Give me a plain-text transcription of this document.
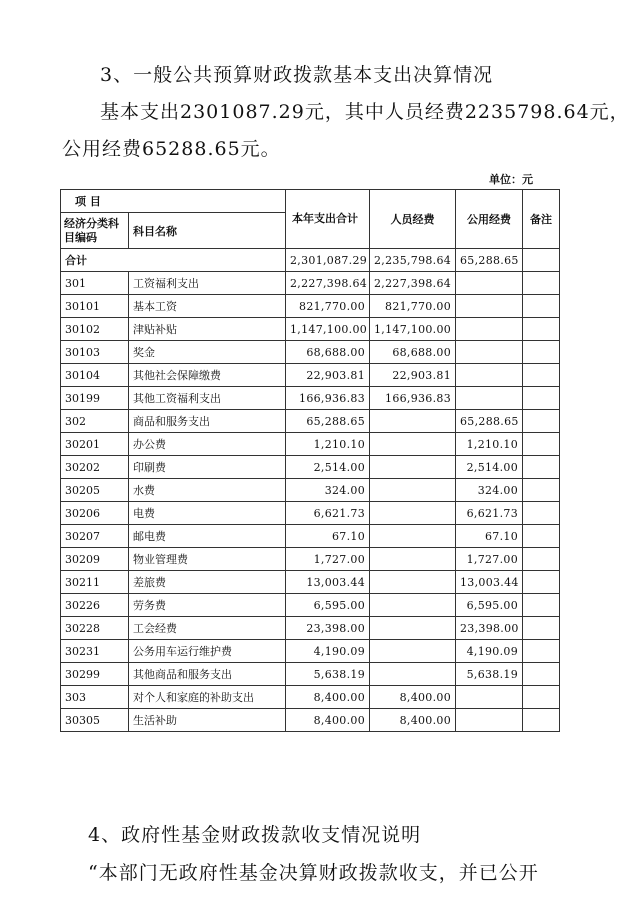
3、一般公共预算财政拨款基本支出决算情况
基本支出2301087.29元，其中人员经费2235798.64元，
公用经费65288.65元。
单位：元
项 目		本年支出合计	人员经费	公用经费	备注
经济分类科目编码	科目名称				
合计		2,301,087.29	2,235,798.64	65,288.65	
301	工资福利支出	2,227,398.64	2,227,398.64		
30101	基本工资	821,770.00	821,770.00		
30102	津贴补贴	1,147,100.00	1,147,100.00		
30103	奖金	68,688.00	68,688.00		
30104	其他社会保障缴费	22,903.81	22,903.81		
30199	其他工资福利支出	166,936.83	166,936.83		
302	商品和服务支出	65,288.65		65,288.65	
30201	办公费	1,210.10		1,210.10	
30202	印刷费	2,514.00		2,514.00	
30205	水费	324.00		324.00	
30206	电费	6,621.73		6,621.73	
30207	邮电费	67.10		67.10	
30209	物业管理费	1,727.00		1,727.00	
30211	差旅费	13,003.44		13,003.44	
30226	劳务费	6,595.00		6,595.00	
30228	工会经费	23,398.00		23,398.00	
30231	公务用车运行维护费	4,190.09		4,190.09	
30299	其他商品和服务支出	5,638.19		5,638.19	
303	对个人和家庭的补助支出	8,400.00	8,400.00		
30305	生活补助	8,400.00	8,400.00		
4、政府性基金财政拨款收支情况说明
“本部门无政府性基金决算财政拨款收支，并已公开
